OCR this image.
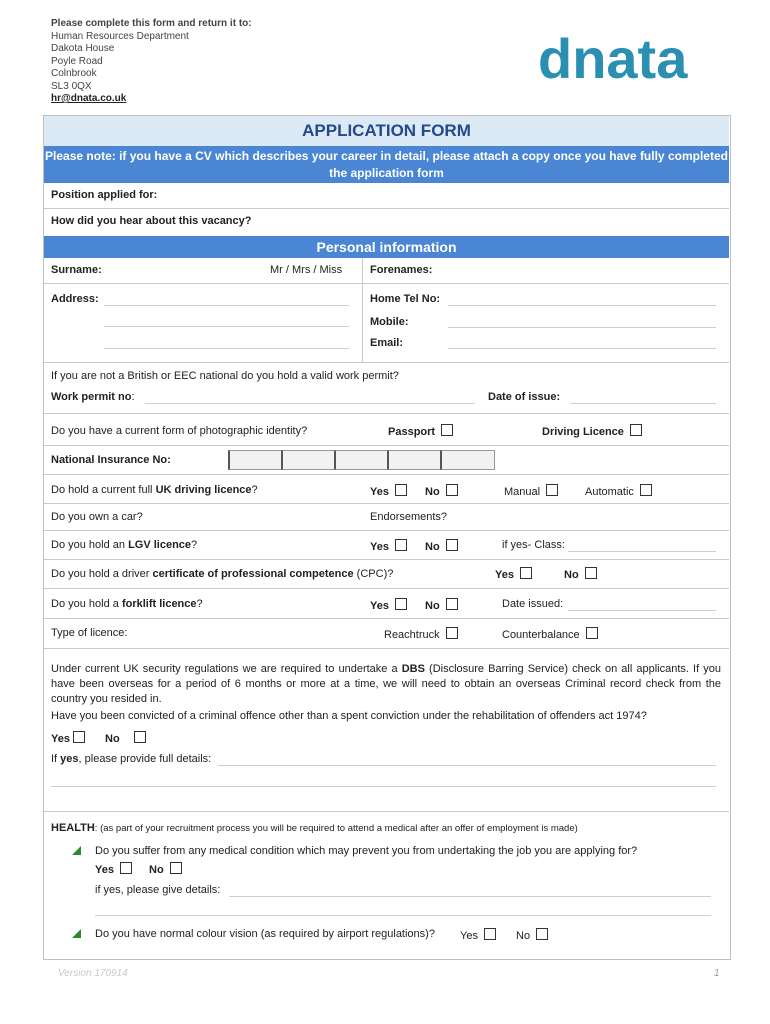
Please complete this form and return it to:
Human Resources Department
Dakota House
Poyle Road
Colnbrook
SL3 0QX
hr@dnata.co.uk
dnata
APPLICATION FORM
Please note: if you have a CV which describes your career in detail, please attach a copy once you have fully completed the application form
Position applied for:
How did you hear about this vacancy?
Personal information
Surname:	Mr / Mrs / Miss	Forenames:
Address:	Home Tel No:
Mobile:
Email:
If you are not a British or EEC national do you hold a valid work permit?
Work permit no:	Date of issue:
Do you have a current form of photographic identity?	Passport	Driving Licence
National Insurance No:
Do hold a current full UK driving licence?	Yes	No	Manual	Automatic
Do you own a car?	Endorsements?
Do you hold an LGV licence?	Yes	No	if yes- Class:
Do you hold a driver certificate of professional competence (CPC)?	Yes	No
Do you hold a forklift licence?	Yes	No	Date issued:
Type of licence:	Reachtruck	Counterbalance
Under current UK security regulations we are required to undertake a DBS (Disclosure Barring Service) check on all applicants. If you have been overseas for a period of 6 months or more at a time, we will need to obtain an overseas Criminal record check from the country you resided in.
Have you been convicted of a criminal offence other than a spent conviction under the rehabilitation of offenders act 1974?
Yes	No
If yes, please provide full details:
HEALTH: (as part of your recruitment process you will be required to attend a medical after an offer of employment is made)
Do you suffer from any medical condition which may prevent you from undertaking the job you are applying for?
Yes	No
if yes, please give details:
Do you have normal colour vision (as required by airport regulations)? Yes	No
Version 170914	1
